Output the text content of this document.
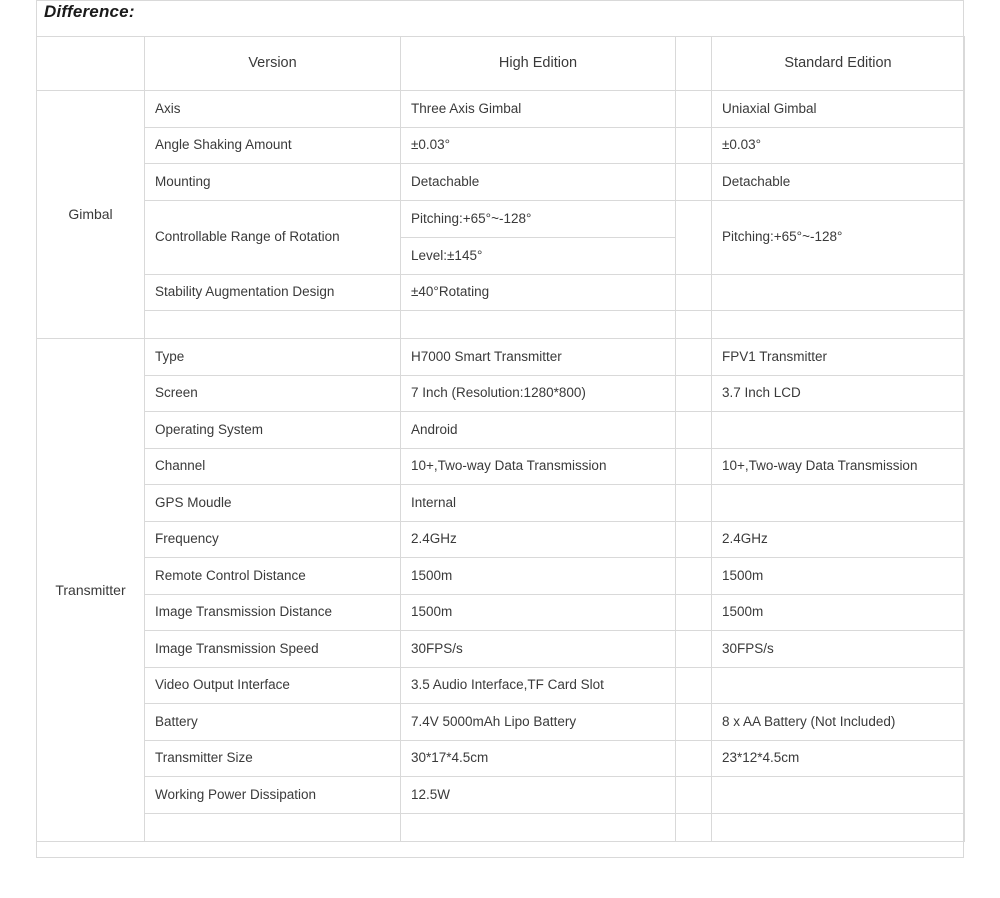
Difference:
	Version	High Edition		Standard Edition
Gimbal	Axis	Three Axis Gimbal		Uniaxial Gimbal
	Angle Shaking Amount	±0.03°		±0.03°
	Mounting	Detachable		Detachable
	Controllable Range of Rotation	Pitching:+65°~-128°		Pitching:+65°~-128°
		Level:±145°		
	Stability Augmentation Design	±40°Rotating		

Transmitter	Type	H7000 Smart Transmitter		FPV1 Transmitter
	Screen	7 Inch (Resolution:1280*800)		3.7 Inch LCD
	Operating System	Android		
	Channel	10+,Two-way Data Transmission		10+,Two-way Data Transmission
	GPS Moudle	Internal		
	Frequency	2.4GHz		2.4GHz
	Remote Control Distance	1500m		1500m
	Image Transmission Distance	1500m		1500m
	Image Transmission Speed	30FPS/s		30FPS/s
	Video Output Interface	3.5 Audio Interface,TF Card Slot		
	Battery	7.4V 5000mAh Lipo Battery		8 x AA Battery (Not Included)
	Transmitter Size	30*17*4.5cm		23*12*4.5cm
	Working Power Dissipation	12.5W		
